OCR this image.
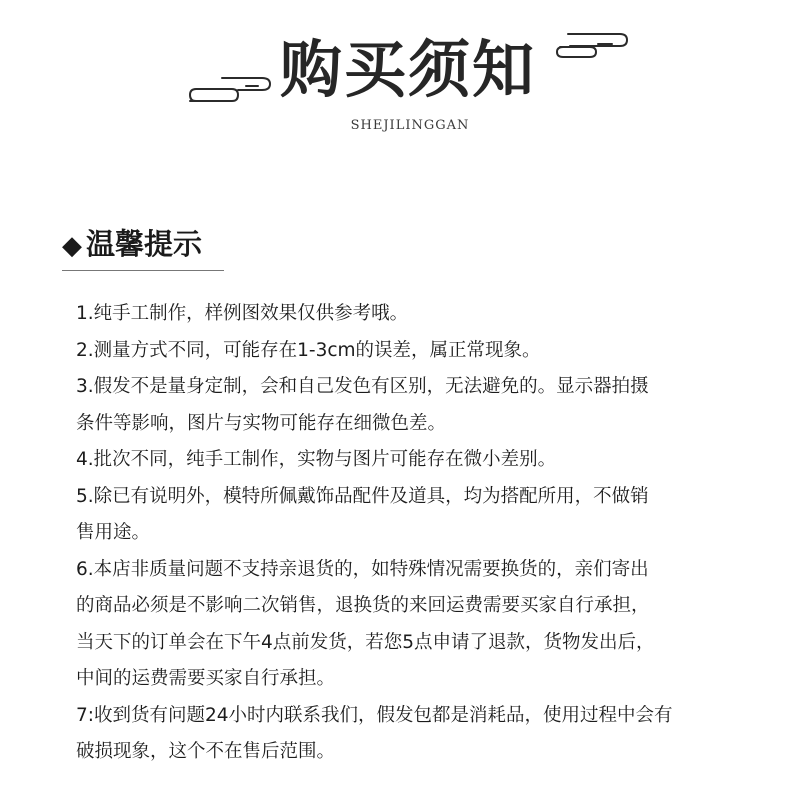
购买须知
SHEJILINGGAN
◆ 温馨提示
1.纯手工制作，样例图效果仅供参考哦。
2.测量方式不同，可能存在1-3cm的误差，属正常现象。
3.假发不是量身定制，会和自己发色有区别，无法避免的。显示器拍摄
条件等影响，图片与实物可能存在细微色差。
4.批次不同，纯手工制作，实物与图片可能存在微小差别。
5.除已有说明外，模特所佩戴饰品配件及道具，均为搭配所用，不做销
售用途。
6.本店非质量问题不支持亲退货的，如特殊情况需要换货的，亲们寄出
的商品必须是不影响二次销售，退换货的来回运费需要买家自行承担，
当天下的订单会在下午4点前发货，若您5点申请了退款，货物发出后，
中间的运费需要买家自行承担。
7:收到货有问题24小时内联系我们，假发包都是消耗品，使用过程中会有
破损现象，这个不在售后范围。
